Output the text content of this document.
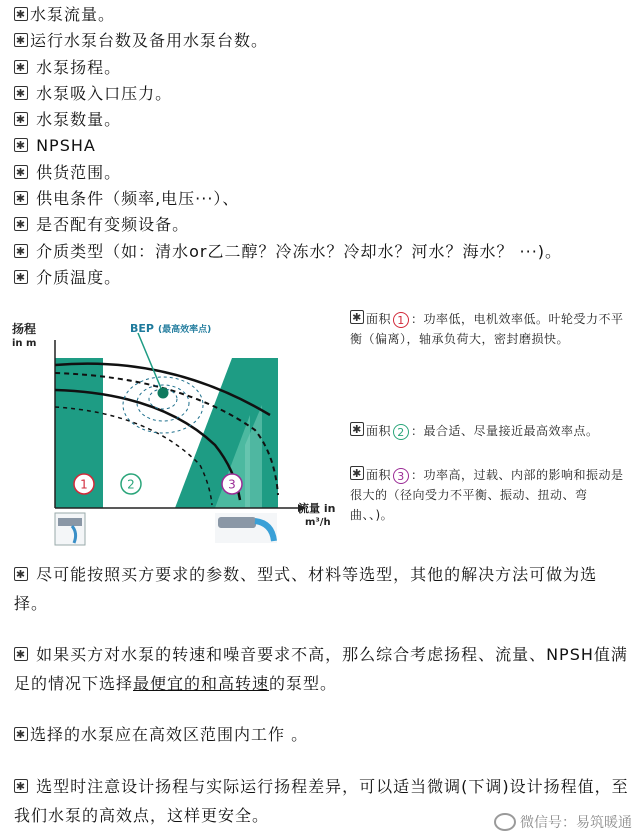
✱ 水泵流量。
✱ 运行水泵台数及备用水泵台数。
✱ 水泵扬程。
✱ 水泵吸入口压力。
✱ 水泵数量。
✱ NPSHA
✱ 供货范围。
✱ 供电条件（频率,电压···）、
✱ 是否配有变频设备。
✱ 介质类型（如：清水or乙二醇？冷冻水？冷却水？河水？海水？ ···)。
✱ 介质温度。
扬程
in m
BEP (最高效率点)
1	2	3
流量 in
m³/h
✱ 面积 1 ：功率低，电机效率低。叶轮受力不平衡（偏离），轴承负荷大，密封磨损快。
✱ 面积 2 ：最合适、尽量接近最高效率点。
✱ 面积 3 ：功率高，过载、内部的影响和振动是很大的（径向受力不平衡、振动、扭动、弯曲、、)。
✱ 尽可能按照买方要求的参数、型式、材料等选型，其他的解决方法可做为选择。
✱ 如果买方对水泵的转速和噪音要求不高，那么综合考虑扬程、流量、NPSH值满足的情况下选择最便宜的和高转速的泵型。
✱ 选择的水泵应在高效区范围内工作 。
✱ 选型时注意设计扬程与实际运行扬程差异，可以适当微调(下调)设计扬程值，至我们水泵的高效点，这样更安全。	微信号：易筑暖通
